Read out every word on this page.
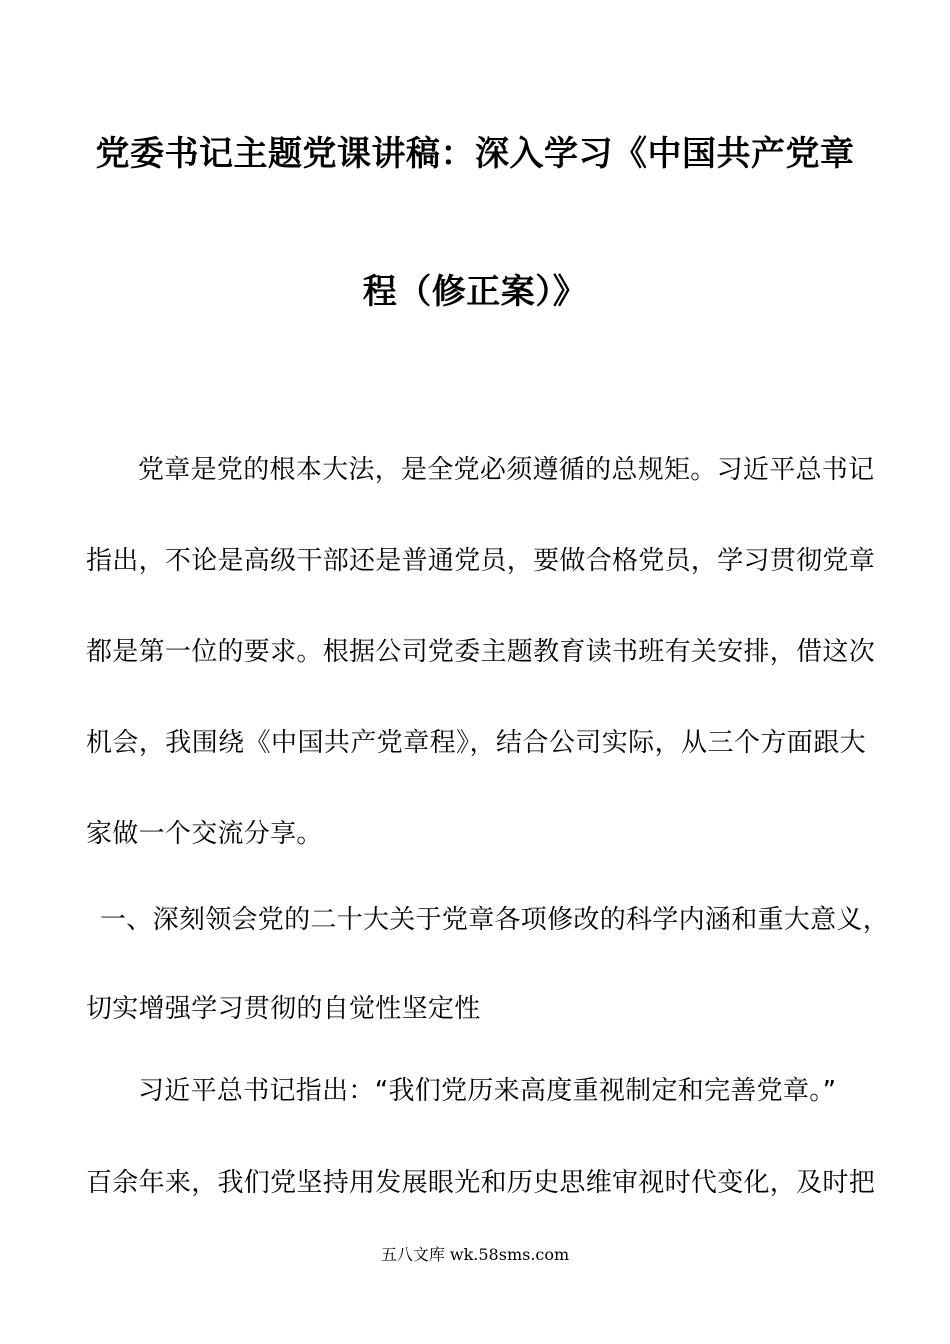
党委书记主题党课讲稿：深入学习《中国共产党章
程（修正案）》
党章是党的根本大法，是全党必须遵循的总规矩。习近平总书记
指出，不论是高级干部还是普通党员，要做合格党员，学习贯彻党章
都是第一位的要求。根据公司党委主题教育读书班有关安排，借这次
机会，我围绕《中国共产党章程》，结合公司实际，从三个方面跟大
家做一个交流分享。
一、深刻领会党的二十大关于党章各项修改的科学内涵和重大意义，
切实增强学习贯彻的自觉性坚定性
习近平总书记指出：“我们党历来高度重视制定和完善党章。”
百余年来，我们党坚持用发展眼光和历史思维审视时代变化，及时把
五八文库 wk.58sms.com
